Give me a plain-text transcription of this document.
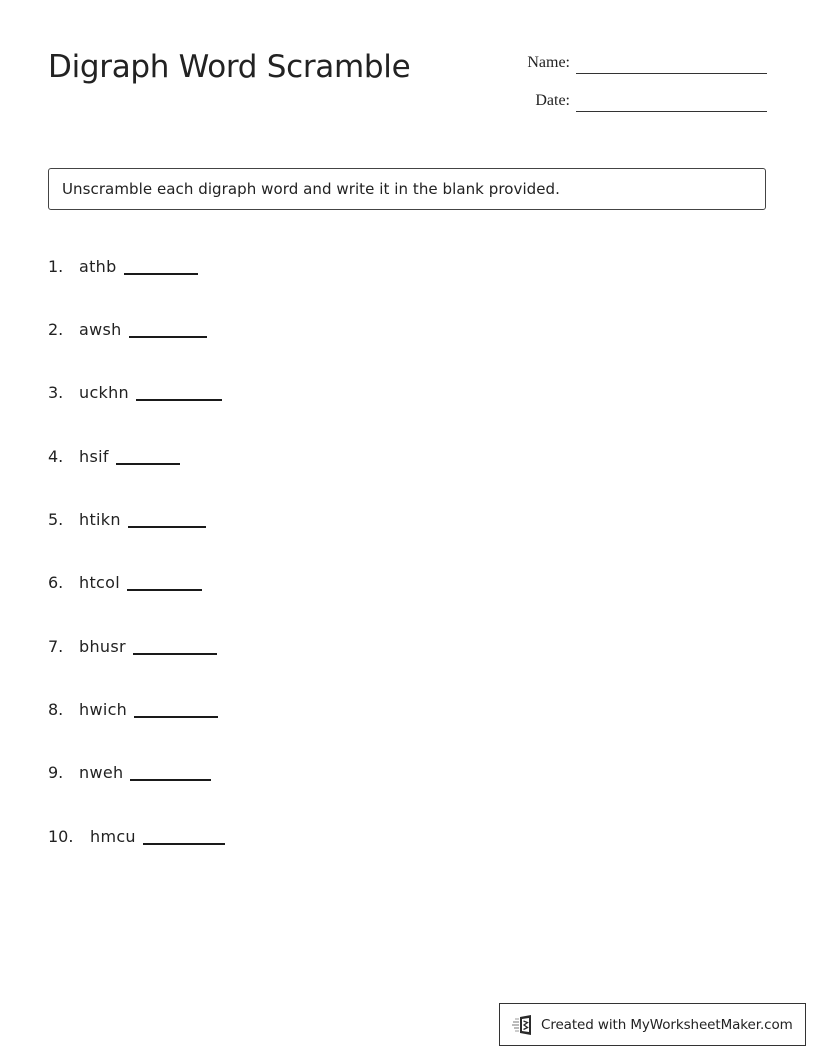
Digraph Word Scramble	Name:
Date:
Unscramble each digraph word and write it in the blank provided.
1. athb
2. awsh
3. uckhn
4. hsif
5. htikn
6. htcol
7. bhusr
8. hwich
9. nweh
10.	hmcu
Created with MyWorksheetMaker.com
